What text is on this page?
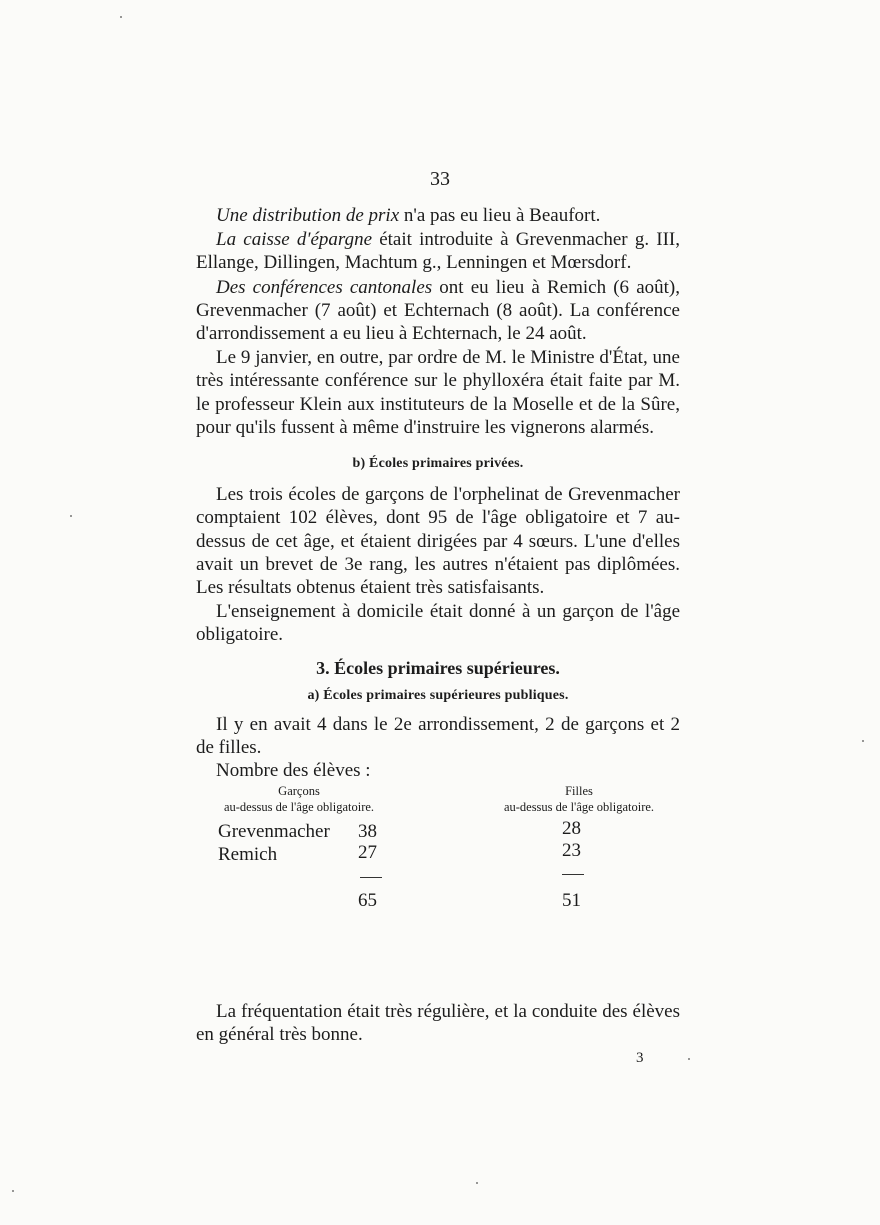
33

Une distribution de prix n'a pas eu lieu à Beaufort.

La caisse d'épargne était introduite à Grevenmacher g. III, Ellange, Dillingen, Machtum g., Lenningen et Mœrsdorf.

Des conférences cantonales ont eu lieu à Remich (6 août), Grevenmacher (7 août) et Echternach (8 août). La conférence d'arrondissement a eu lieu à Echternach, le 24 août.

Le 9 janvier, en outre, par ordre de M. le Ministre d'État, une très intéressante conférence sur le phylloxéra était faite par M. le professeur Klein aux instituteurs de la Moselle et de la Sûre, pour qu'ils fussent à même d'instruire les vignerons alarmés.

b) Écoles primaires privées.

Les trois écoles de garçons de l'orphelinat de Grevenmacher comptaient 102 élèves, dont 95 de l'âge obligatoire et 7 au-dessus de cet âge, et étaient dirigées par 4 sœurs. L'une d'elles avait un brevet de 3e rang, les autres n'étaient pas diplômées. Les résultats obtenus étaient très satisfaisants.

L'enseignement à domicile était donné à un garçon de l'âge obligatoire.

3. Écoles primaires supérieures.
a) Écoles primaires supérieures publiques.

Il y en avait 4 dans le 2e arrondissement, 2 de garçons et 2 de filles.

Nombre des élèves :
Garçons
au-dessus de l'âge obligatoire.
Filles
au-dessus de l'âge obligatoire.
Grevenmacher 38	28
Remich	27	23
65	51

La fréquentation était très régulière, et la conduite des élèves en général très bonne.

3
